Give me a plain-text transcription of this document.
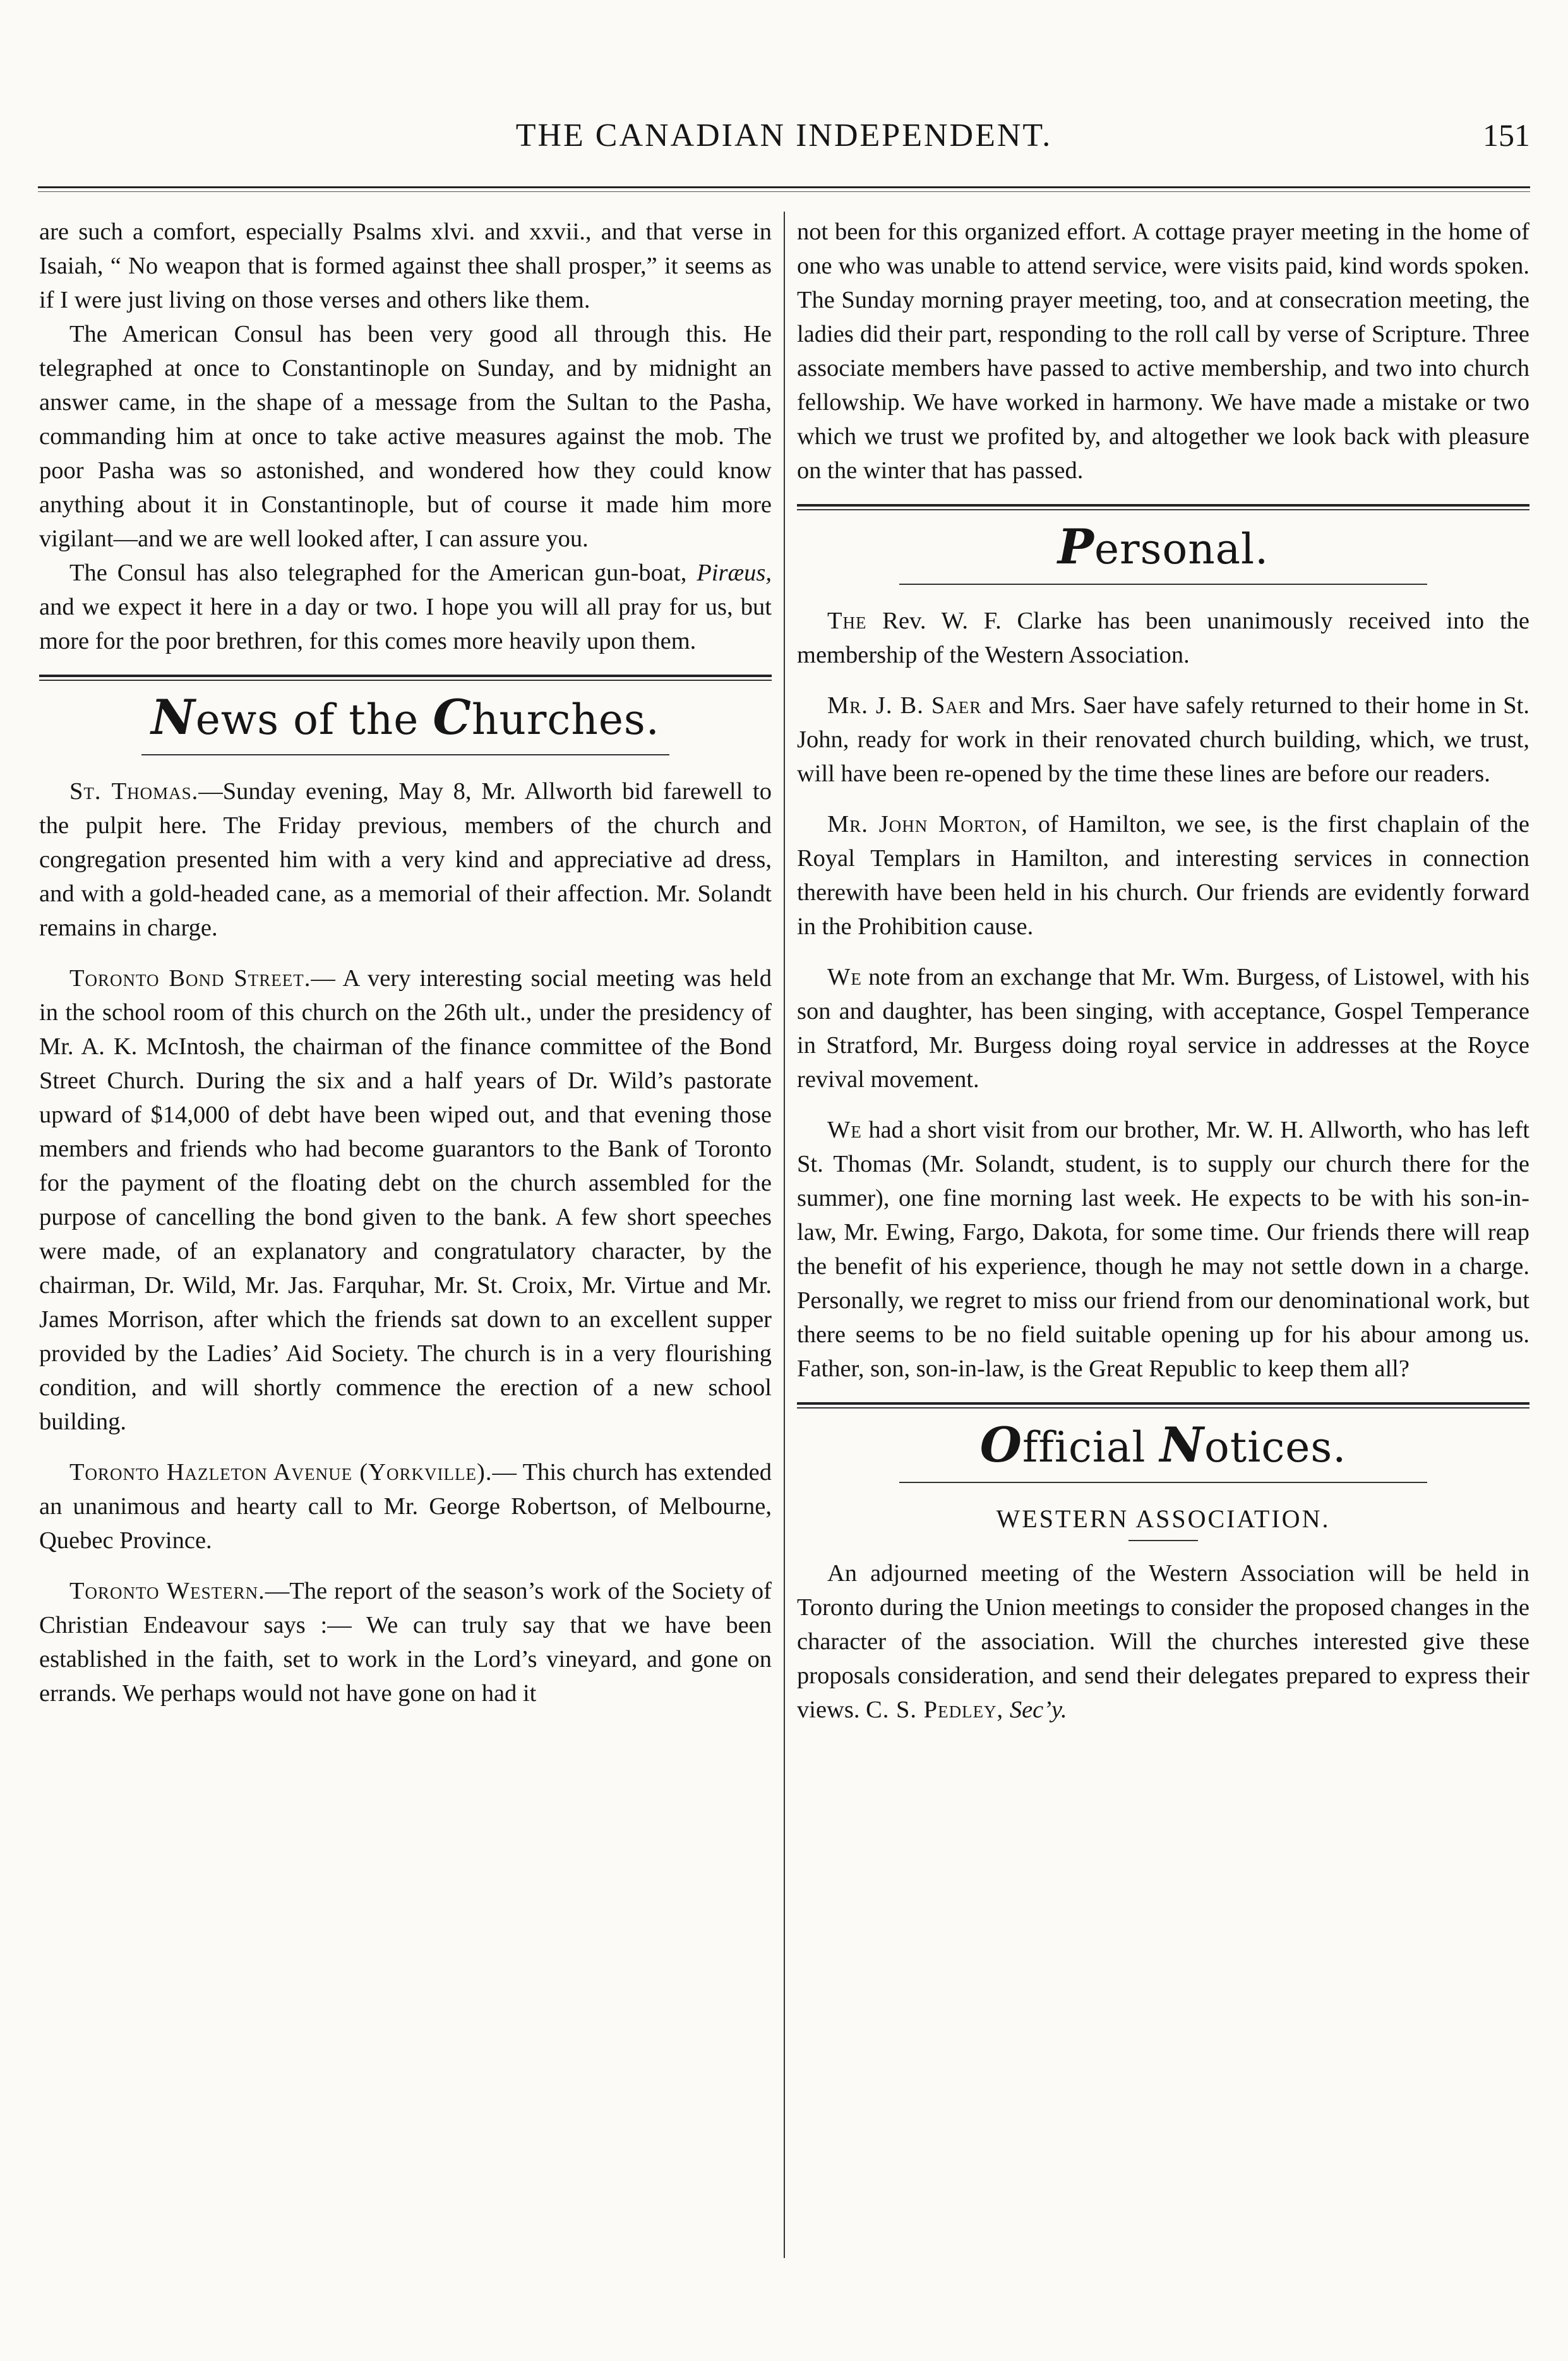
THE CANADIAN INDEPENDENT.	151

are such a comfort, especially Psalms xlvi. and xxvii., and that verse in Isaiah, “ No weapon that is formed against thee shall prosper,” it seems as if I were just living on those verses and others like them.

The American Consul has been very good all through this. He telegraphed at once to Constantinople on Sunday, and by midnight an answer came, in the shape of a message from the Sultan to the Pasha, commanding him at once to take active measures against the mob. The poor Pasha was so astonished, and wondered how they could know anything about it in Constantinople, but of course it made him more vigilant—and we are well looked after, I can assure you.

The Consul has also telegraphed for the American gun-boat, Piræus, and we expect it here in a day or two. I hope you will all pray for us, but more for the poor brethren, for this comes more heavily upon them.

News of the Churches.

St. Thomas.—Sunday evening, May 8, Mr. Allworth bid farewell to the pulpit here. The Friday previous, members of the church and congregation presented him with a very kind and appreciative ad dress, and with a gold-headed cane, as a memorial of their affection. Mr. Solandt remains in charge.

Toronto Bond Street.— A very interesting social meeting was held in the school room of this church on the 26th ult., under the presidency of Mr. A. K. McIntosh, the chairman of the finance committee of the Bond Street Church. During the six and a half years of Dr. Wild’s pastorate upward of $14,000 of debt have been wiped out, and that evening those members and friends who had become guarantors to the Bank of Toronto for the payment of the floating debt on the church assembled for the purpose of cancelling the bond given to the bank. A few short speeches were made, of an explanatory and congratulatory character, by the chairman, Dr. Wild, Mr. Jas. Farquhar, Mr. St. Croix, Mr. Virtue and Mr. James Morrison, after which the friends sat down to an excellent supper provided by the Ladies’ Aid Society. The church is in a very flourishing condition, and will shortly commence the erection of a new school building.

Toronto Hazleton Avenue (Yorkville).— This church has extended an unanimous and hearty call to Mr. George Robertson, of Melbourne, Quebec Province.

Toronto Western.—The report of the season’s work of the Society of Christian Endeavour says :— We can truly say that we have been established in the faith, set to work in the Lord’s vineyard, and gone on errands. We perhaps would not have gone on had it

not been for this organized effort. A cottage prayer meeting in the home of one who was unable to attend service, were visits paid, kind words spoken. The Sunday morning prayer meeting, too, and at consecration meeting, the ladies did their part, responding to the roll call by verse of Scripture. Three associate members have passed to active membership, and two into church fellowship. We have worked in harmony. We have made a mistake or two which we trust we profited by, and altogether we look back with pleasure on the winter that has passed.

Personal.

The Rev. W. F. Clarke has been unanimously received into the membership of the Western Association.

Mr. J. B. Saer and Mrs. Saer have safely returned to their home in St. John, ready for work in their renovated church building, which, we trust, will have been re-opened by the time these lines are before our readers.

Mr. John Morton, of Hamilton, we see, is the first chaplain of the Royal Templars in Hamilton, and interesting services in connection therewith have been held in his church. Our friends are evidently forward in the Prohibition cause.

We note from an exchange that Mr. Wm. Burgess, of Listowel, with his son and daughter, has been singing, with acceptance, Gospel Temperance in Stratford, Mr. Burgess doing royal service in addresses at the Royce revival movement.

We had a short visit from our brother, Mr. W. H. Allworth, who has left St. Thomas (Mr. Solandt, student, is to supply our church there for the summer), one fine morning last week. He expects to be with his son-in-law, Mr. Ewing, Fargo, Dakota, for some time. Our friends there will reap the benefit of his experience, though he may not settle down in a charge. Personally, we regret to miss our friend from our denominational work, but there seems to be no field suitable opening up for his abour among us. Father, son, son-in-law, is the Great Republic to keep them all?

Official Notices.
WESTERN ASSOCIATION.

An adjourned meeting of the Western Association will be held in Toronto during the Union meetings to consider the proposed changes in the character of the association. Will the churches interested give these proposals consideration, and send their delegates prepared to express their views. C. S. Pedley, Sec’y.
